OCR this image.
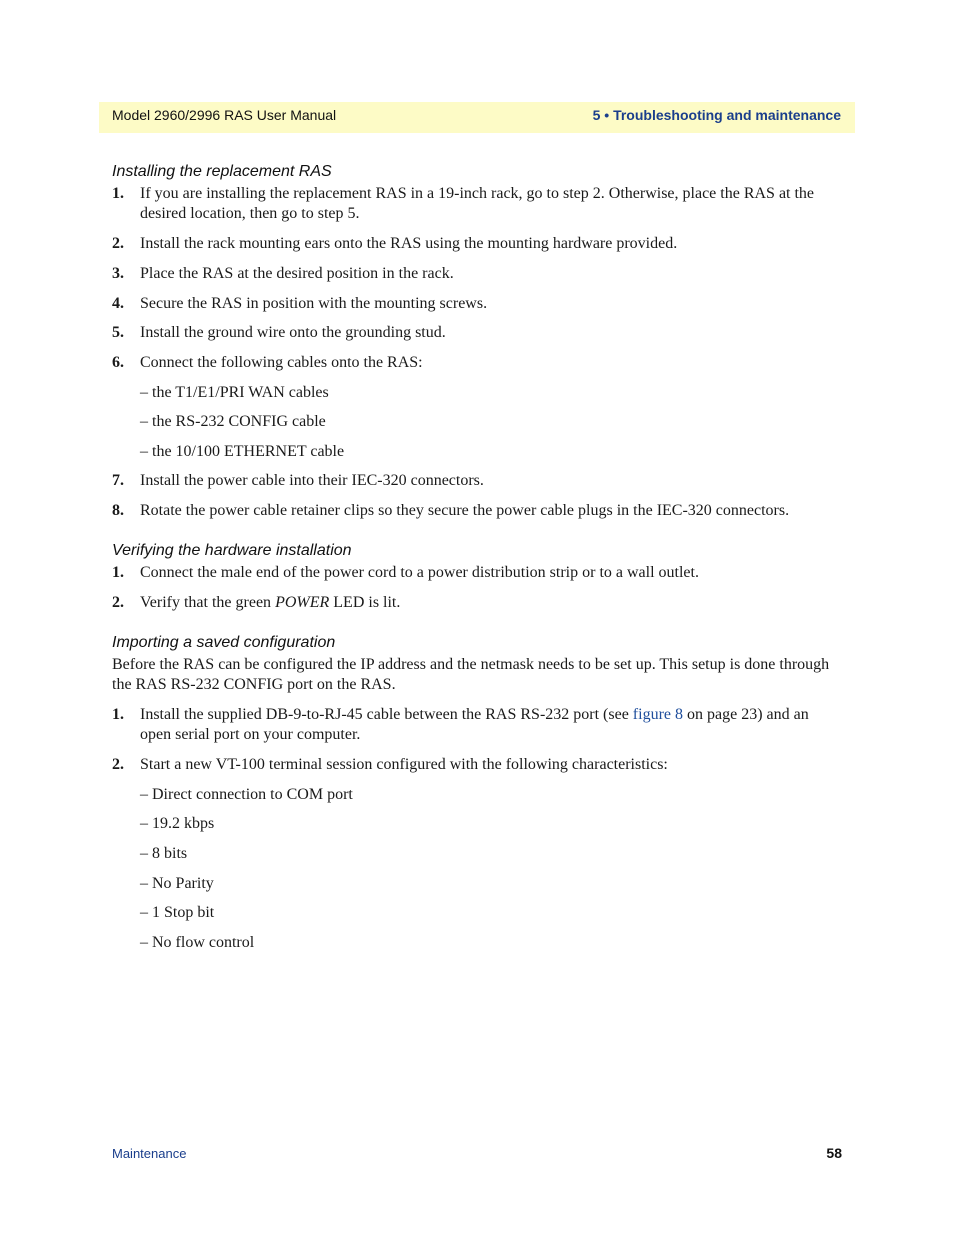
Model 2960/2996 RAS User Manual	5 • Troubleshooting and maintenance
Installing the replacement RAS
1. If you are installing the replacement RAS in a 19-inch rack, go to step 2. Otherwise, place the RAS at the desired location, then go to step 5.
2. Install the rack mounting ears onto the RAS using the mounting hardware provided.
3. Place the RAS at the desired position in the rack.
4. Secure the RAS in position with the mounting screws.
5. Install the ground wire onto the grounding stud.
6. Connect the following cables onto the RAS:
– the T1/E1/PRI WAN cables
– the RS-232 CONFIG cable
– the 10/100 ETHERNET cable
7. Install the power cable into their IEC-320 connectors.
8. Rotate the power cable retainer clips so they secure the power cable plugs in the IEC-320 connectors.
Verifying the hardware installation
1. Connect the male end of the power cord to a power distribution strip or to a wall outlet.
2. Verify that the green POWER LED is lit.
Importing a saved configuration
Before the RAS can be configured the IP address and the netmask needs to be set up. This setup is done through the RAS RS-232 CONFIG port on the RAS.
1. Install the supplied DB-9-to-RJ-45 cable between the RAS RS-232 port (see figure 8 on page 23) and an open serial port on your computer.
2. Start a new VT-100 terminal session configured with the following characteristics:
– Direct connection to COM port
– 19.2 kbps
– 8 bits
– No Parity
– 1 Stop bit
– No flow control
Maintenance	58
